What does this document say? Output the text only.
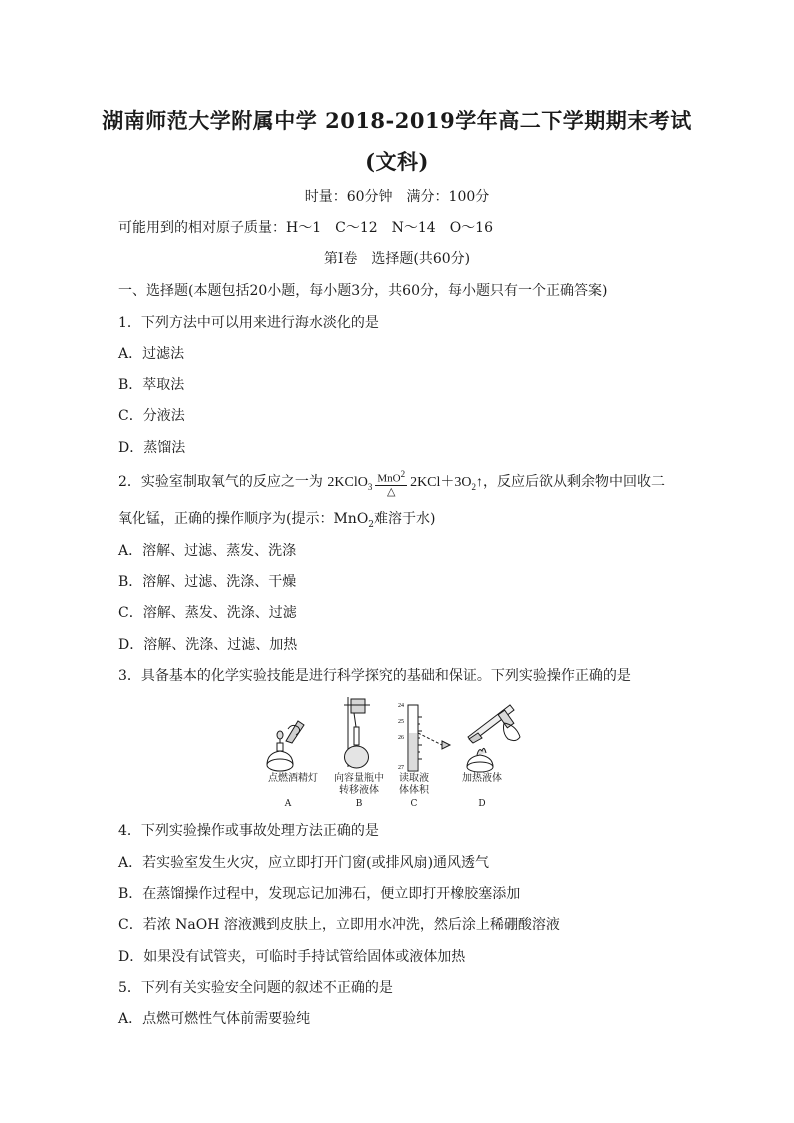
湖南师范大学附属中学 2018-2019学年高二下学期期末考试
(文科)
时量：60分钟　满分：100分
可能用到的相对原子质量：H～1　C～12　N～14　O～16
第Ⅰ卷　选择题(共60分)
一、选择题(本题包括20小题，每小题3分，共60分，每小题只有一个正确答案)
1．下列方法中可以用来进行海水淡化的是
A．过滤法
B．萃取法
C．分液法
D．蒸馏法
2．实验室制取氧气的反应之一为 2KClO$_3$ $\frac{MnO^2}{\triangle}$ $2KCl+3O_2↑$，反应后欲从剩余物中回收二
氧化锰，正确的操作顺序为(提示：MnO$_2$难溶于水)
A．溶解、过滤、蒸发、洗涤
B．溶解、过滤、洗涤、干燥
C．溶解、蒸发、洗涤、过滤
D．溶解、洗涤、过滤、加热
3．具备基本的化学实验技能是进行科学探究的基础和保证。下列实验操作正确的是
24
25
26
27
点燃酒精灯	向容量瓶中
转移液体
读取液
体体积
加热液体
A	B	C	D
4．下列实验操作或事故处理方法正确的是
A．若实验室发生火灾，应立即打开门窗(或排风扇)通风透气
B．在蒸馏操作过程中，发现忘记加沸石，便立即打开橡胶塞添加
C．若浓 NaOH 溶液溅到皮肤上，立即用水冲洗，然后涂上稀硼酸溶液
D．如果没有试管夹，可临时手持试管给固体或液体加热
5．下列有关实验安全问题的叙述不正确的是
A．点燃可燃性气体前需要验纯
